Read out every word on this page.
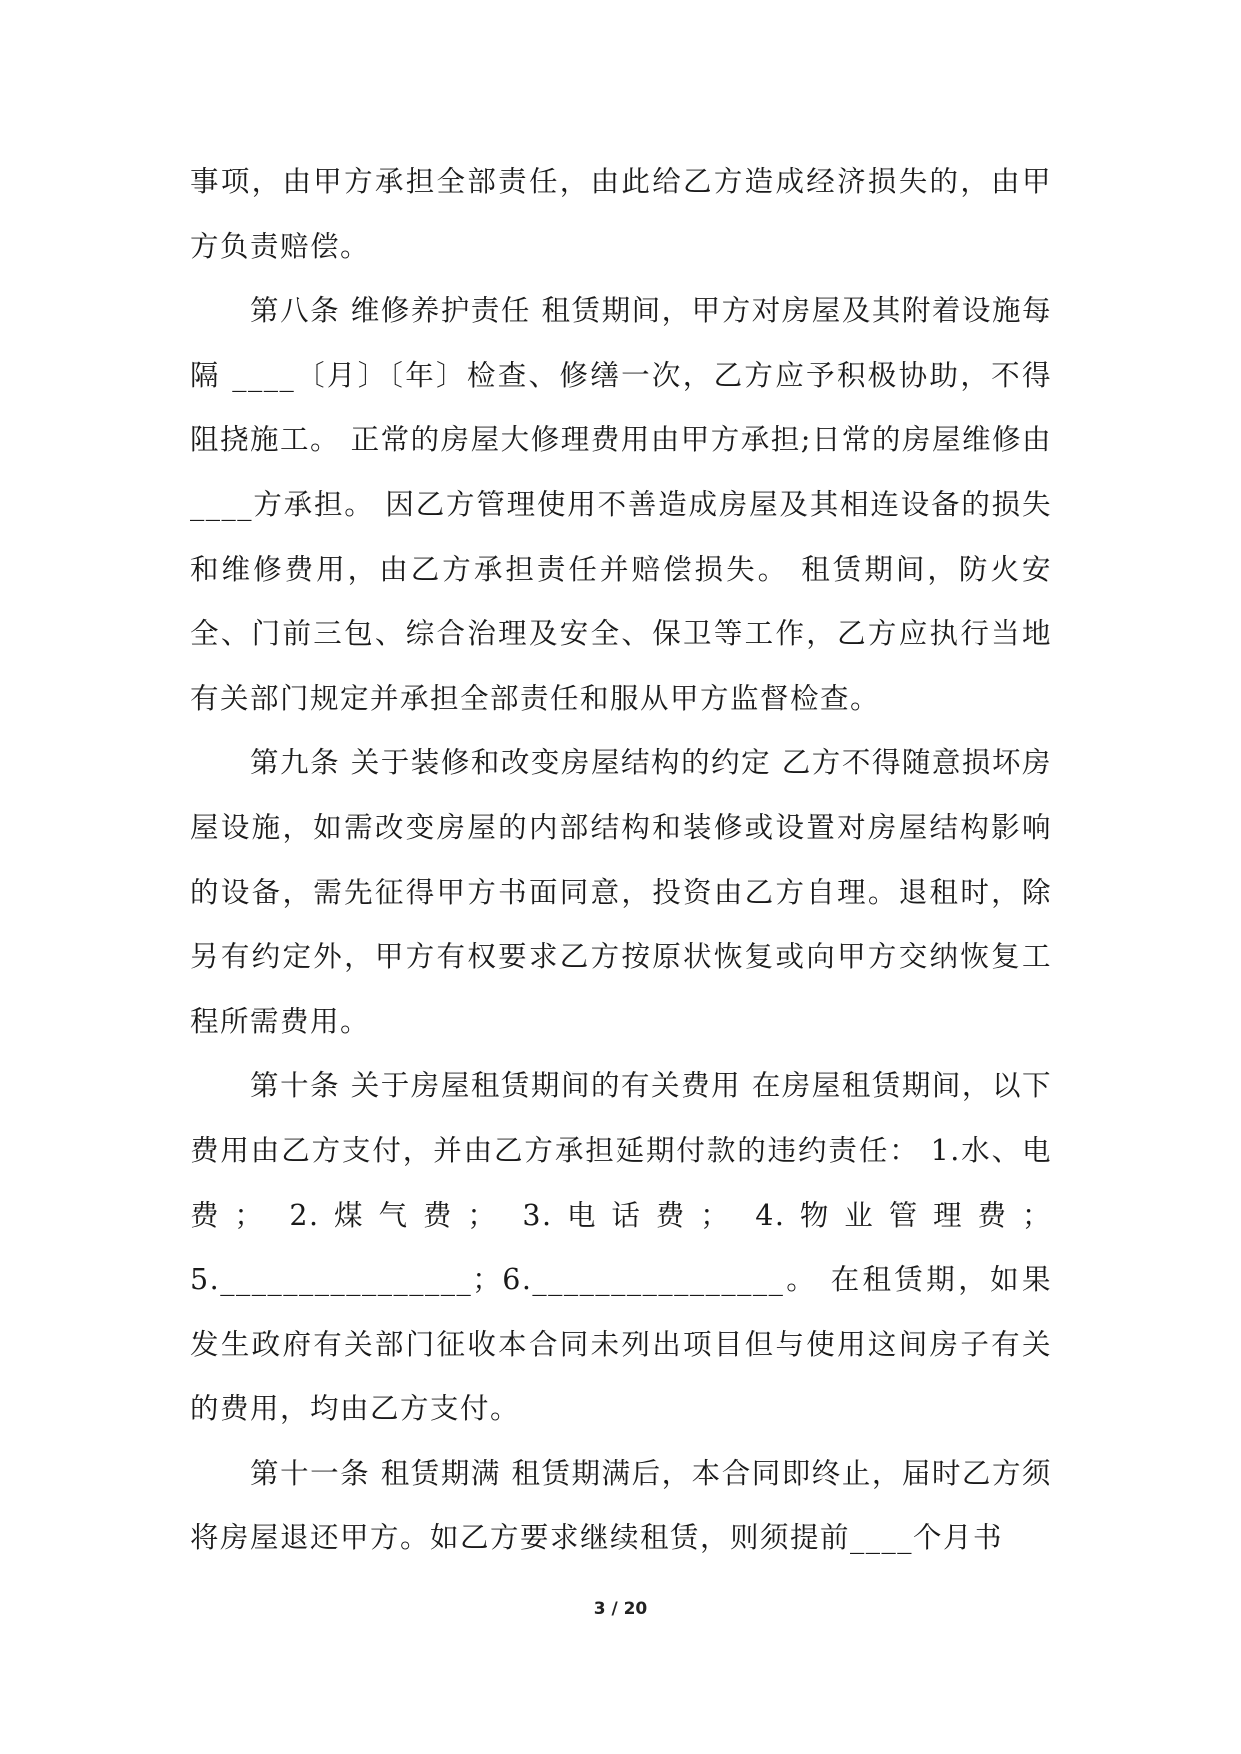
事项，由甲方承担全部责任，由此给乙方造成经济损失的，由甲方负责赔偿。

　　第八条 维修养护责任 租赁期间，甲方对房屋及其附着设施每隔 ____〔月〕〔年〕检查、修缮一次，乙方应予积极协助，不得阻挠施工。 正常的房屋大修理费用由甲方承担;日常的房屋维修由____方承担。 因乙方管理使用不善造成房屋及其相连设备的损失和维修费用，由乙方承担责任并赔偿损失。 租赁期间，防火安全、门前三包、综合治理及安全、保卫等工作，乙方应执行当地有关部门规定并承担全部责任和服从甲方监督检查。

　　第九条 关于装修和改变房屋结构的约定 乙方不得随意损坏房屋设施，如需改变房屋的内部结构和装修或设置对房屋结构影响的设备，需先征得甲方书面同意，投资由乙方自理。退租时，除另有约定外，甲方有权要求乙方按原状恢复或向甲方交纳恢复工程所需费用。

　　第十条 关于房屋租赁期间的有关费用 在房屋租赁期间，以下费用由乙方支付，并由乙方承担延期付款的违约责任： 1.水、电费； 2.煤气费； 3.电话费； 4.物业管理费； 5.________________；6.________________。 在租赁期，如果发生政府有关部门征收本合同未列出项目但与使用这间房子有关的费用，均由乙方支付。

　　第十一条 租赁期满 租赁期满后，本合同即终止，届时乙方须将房屋退还甲方。如乙方要求继续租赁，则须提前____个月书

3 / 20
